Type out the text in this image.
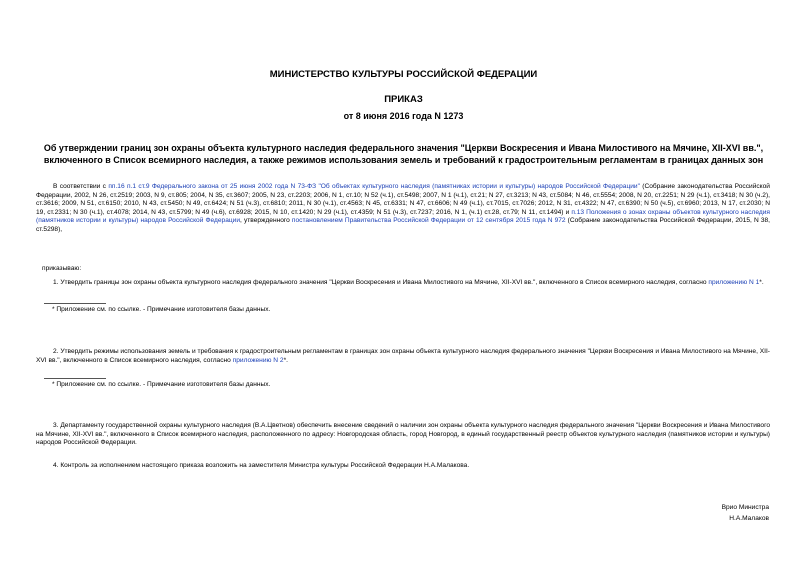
МИНИСТЕРСТВО КУЛЬТУРЫ РОССИЙСКОЙ ФЕДЕРАЦИИ
ПРИКАЗ
от 8 июня 2016 года N 1273
Об утверждении границ зон охраны объекта культурного наследия федерального значения "Церкви Воскресения и Ивана Милостивого на Мячине, XII-XVI вв.", включенного в Список всемирного наследия, а также режимов использования земель и требований к градостроительным регламентам в границах данных зон
В соответствии с пп.16 п.1 ст.9 Федерального закона от 25 июня 2002 года N 73-ФЗ "Об объектах культурного наследия (памятниках истории и культуры) народов Российской Федерации" (Собрание законодательства Российской Федерации, 2002, N 26, ст.2519; 2003, N 9, ст.805; 2004, N 35, ст.3607; 2005, N 23, ст.2203; 2006, N 1, ст.10; N 52 (ч.1), ст.5498; 2007, N 1 (ч.1), ст.21; N 27, ст.3213; N 43, ст.5084; N 46, ст.5554; 2008, N 20, ст.2251; N 29 (ч.1), ст.3418; N 30 (ч.2), ст.3616; 2009, N 51, ст.6150; 2010, N 43, ст.5450; N 49, ст.6424; N 51 (ч.3), ст.6810; 2011, N 30 (ч.1), ст.4563; N 45, ст.6331; N 47, ст.6606; N 49 (ч.1), ст.7015, ст.7026; 2012, N 31, ст.4322; N 47, ст.6390; N 50 (ч.5), ст.6960; 2013, N 17, ст.2030; N 19, ст.2331; N 30 (ч.1), ст.4078; 2014, N 43, ст.5799; N 49 (ч.6), ст.6928; 2015, N 10, ст.1420; N 29 (ч.1), ст.4359; N 51 (ч.3), ст.7237; 2016, N 1, (ч.1) ст.28, ст.79; N 11, ст.1494) и п.13 Положения о зонах охраны объектов культурного наследия (памятников истории и культуры) народов Российской Федерации, утвержденного постановлением Правительства Российской Федерации от 12 сентября 2015 года N 972 (Собрание законодательства Российской Федерации, 2015, N 38, ст.5298),
приказываю:
1. Утвердить границы зон охраны объекта культурного наследия федерального значения "Церкви Воскресения и Ивана Милостивого на Мячине, XII-XVI вв.", включенного в Список всемирного наследия, согласно приложению N 1*.
* Приложение см. по ссылке. - Примечание изготовителя базы данных.
2. Утвердить режимы использования земель и требования к градостроительным регламентам в границах зон охраны объекта культурного наследия федерального значения "Церкви Воскресения и Ивана Милостивого на Мячине, XII-XVI вв.", включенного в Список всемирного наследия, согласно приложению N 2*.
* Приложение см. по ссылке. - Примечание изготовителя базы данных.
3. Департаменту государственной охраны культурного наследия (В.А.Цветнов) обеспечить внесение сведений о наличии зон охраны объекта культурного наследия федерального значения "Церкви Воскресения и Ивана Милостивого на Мячине, XII-XVI вв.", включенного в Список всемирного наследия, расположенного по адресу: Новгородская область, город Новгород, в единый государственный реестр объектов культурного наследия (памятников истории и культуры) народов Российской Федерации.
4. Контроль за исполнением настоящего приказа возложить на заместителя Министра культуры Российской Федерации Н.А.Малакова.
Врио Министра
Н.А.Малаков
